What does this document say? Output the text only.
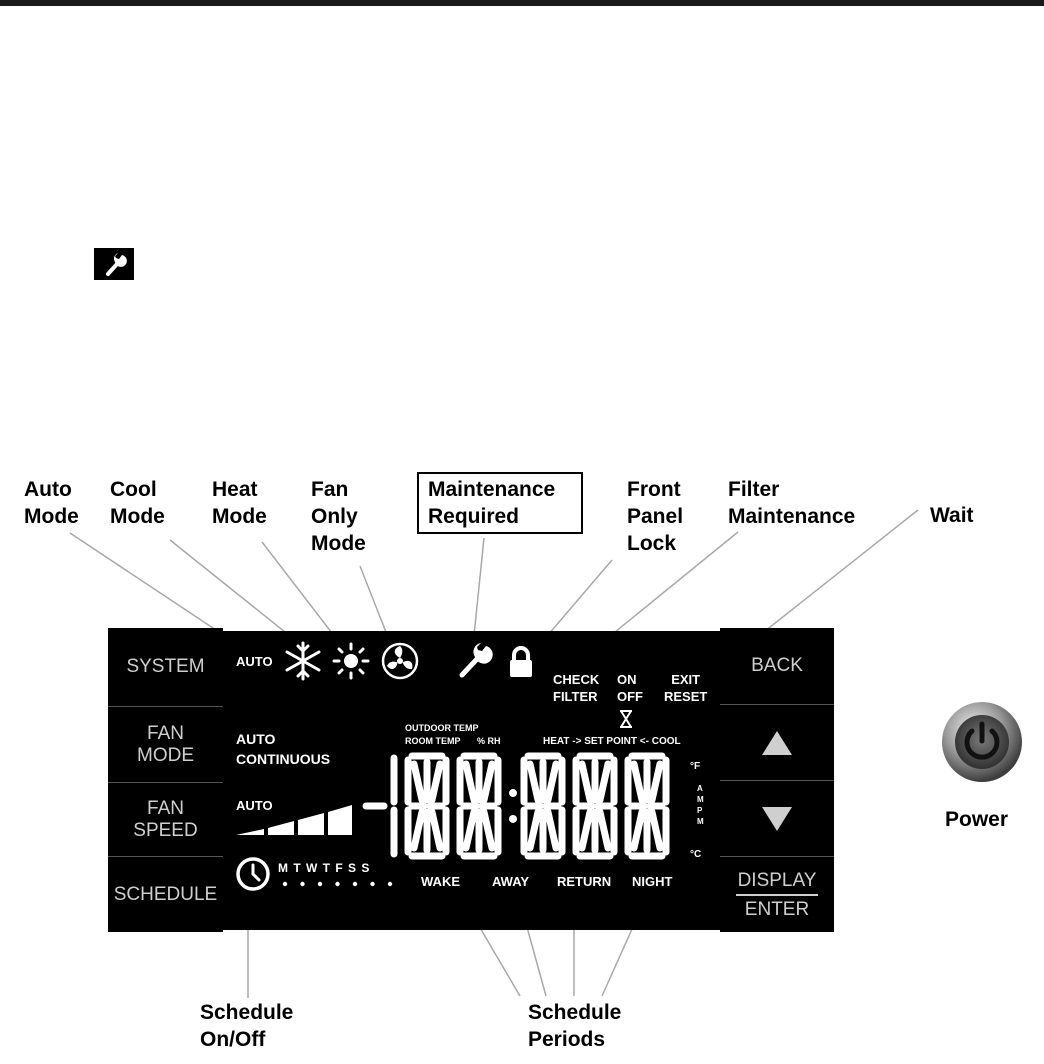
Auto
Mode
Cool
Mode
Heat
Mode
Fan
Only
Mode
Maintenance
Required
Front
Panel
Lock
Filter
Maintenance	Wait
Power
Schedule
On/Off
Schedule
Periods
SYSTEM
FAN
MODE
FAN
SPEED
SCHEDULE
AUTO
CHECK
FILTER
ON
OFF
EXIT
RESET
OUTDOOR TEMP
ROOM TEMP % RH	HEAT -> SET POINT <- COOL
AUTO
CONTINUOUS
AUTO
°F
A
M
P
M
°C
M T W T F S S
WAKE AWAY RETURN NIGHT
BACK
DISPLAY
ENTER
